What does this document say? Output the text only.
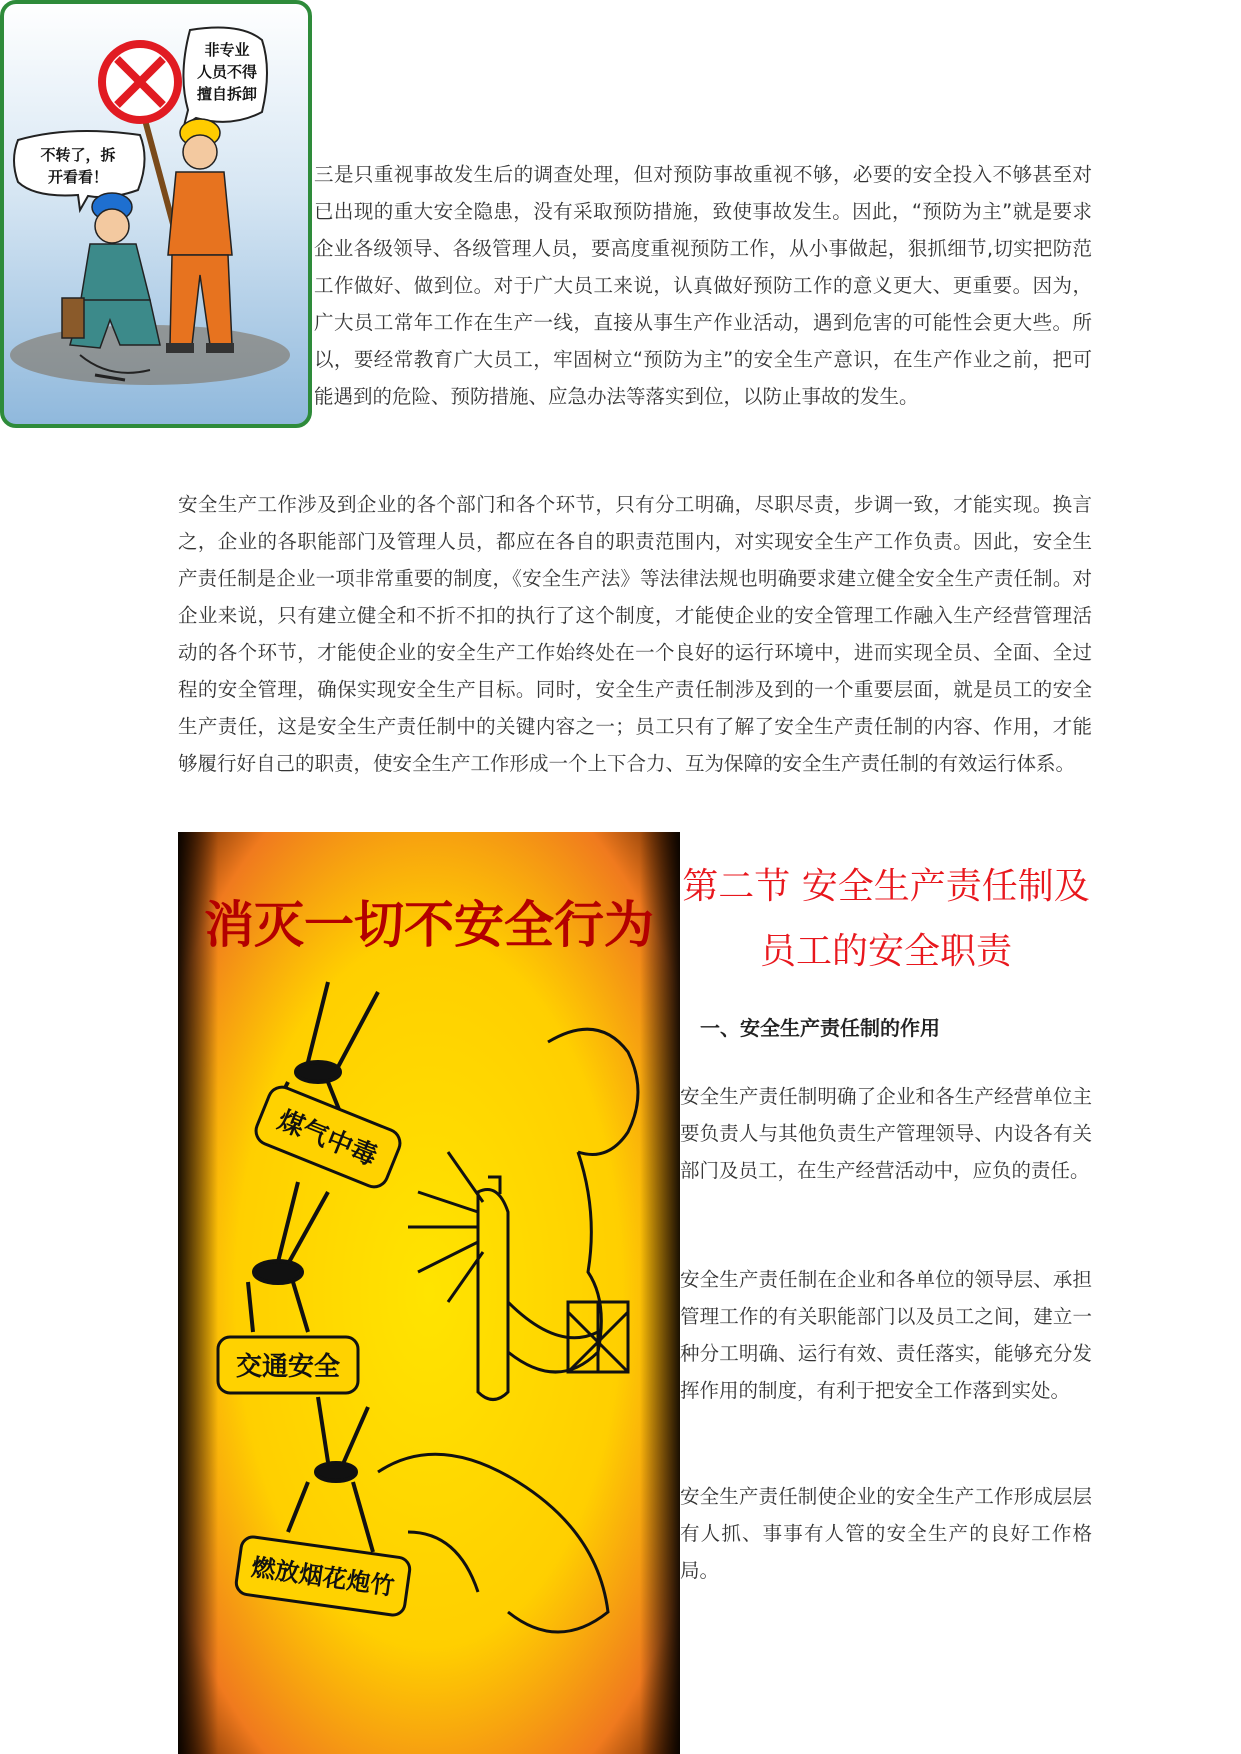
非专业
人员不得
擅自拆卸
不转了，拆
开看看！	三是只重视事故发生后的调查处理，但对预防事故重视不够，必要的安全投入不够甚至对已出现的重大安全隐患，没有采取预防措施，致使事故发生。因此，“预防为主”就是要求企业各级领导、各级管理人员，要高度重视预防工作，从小事做起，狠抓细节,切实把防范工作做好、做到位。对于广大员工来说，认真做好预防工作的意义更大、更重要。因为，广大员工常年工作在生产一线，直接从事生产作业活动，遇到危害的可能性会更大些。所以，要经常教育广大员工，牢固树立“预防为主”的安全生产意识，在生产作业之前，把可能遇到的危险、预防措施、应急办法等落实到位，以防止事故的发生。

安全生产工作涉及到企业的各个部门和各个环节，只有分工明确，尽职尽责，步调一致，才能实现。换言之，企业的各职能部门及管理人员，都应在各自的职责范围内，对实现安全生产工作负责。因此，安全生产责任制是企业一项非常重要的制度，《安全生产法》等法律法规也明确要求建立健全安全生产责任制。对企业来说，只有建立健全和不折不扣的执行了这个制度，才能使企业的安全管理工作融入生产经营管理活动的各个环节，才能使企业的安全生产工作始终处在一个良好的运行环境中，进而实现全员、全面、全过程的安全管理，确保实现安全生产目标。同时，安全生产责任制涉及到的一个重要层面，就是员工的安全生产责任，这是安全生产责任制中的关键内容之一；员工只有了解了安全生产责任制的内容、作用，才能够履行好自己的职责，使安全生产工作形成一个上下合力、互为保障的安全生产责任制的有效运行体系。

消灭一切不安全行为
煤气中毒
交通安全
燃放烟花炮竹
第二节 安全生产责任制及
员工的安全职责
一、安全生产责任制的作用

安全生产责任制明确了企业和各生产经营单位主要负责人与其他负责生产管理领导、内设各有关部门及员工，在生产经营活动中，应负的责任。

安全生产责任制在企业和各单位的领导层、承担管理工作的有关职能部门以及员工之间，建立一种分工明确、运行有效、责任落实，能够充分发挥作用的制度，有利于把安全工作落到实处。

安全生产责任制使企业的安全生产工作形成层层有人抓、事事有人管的安全生产的良好工作格局。
